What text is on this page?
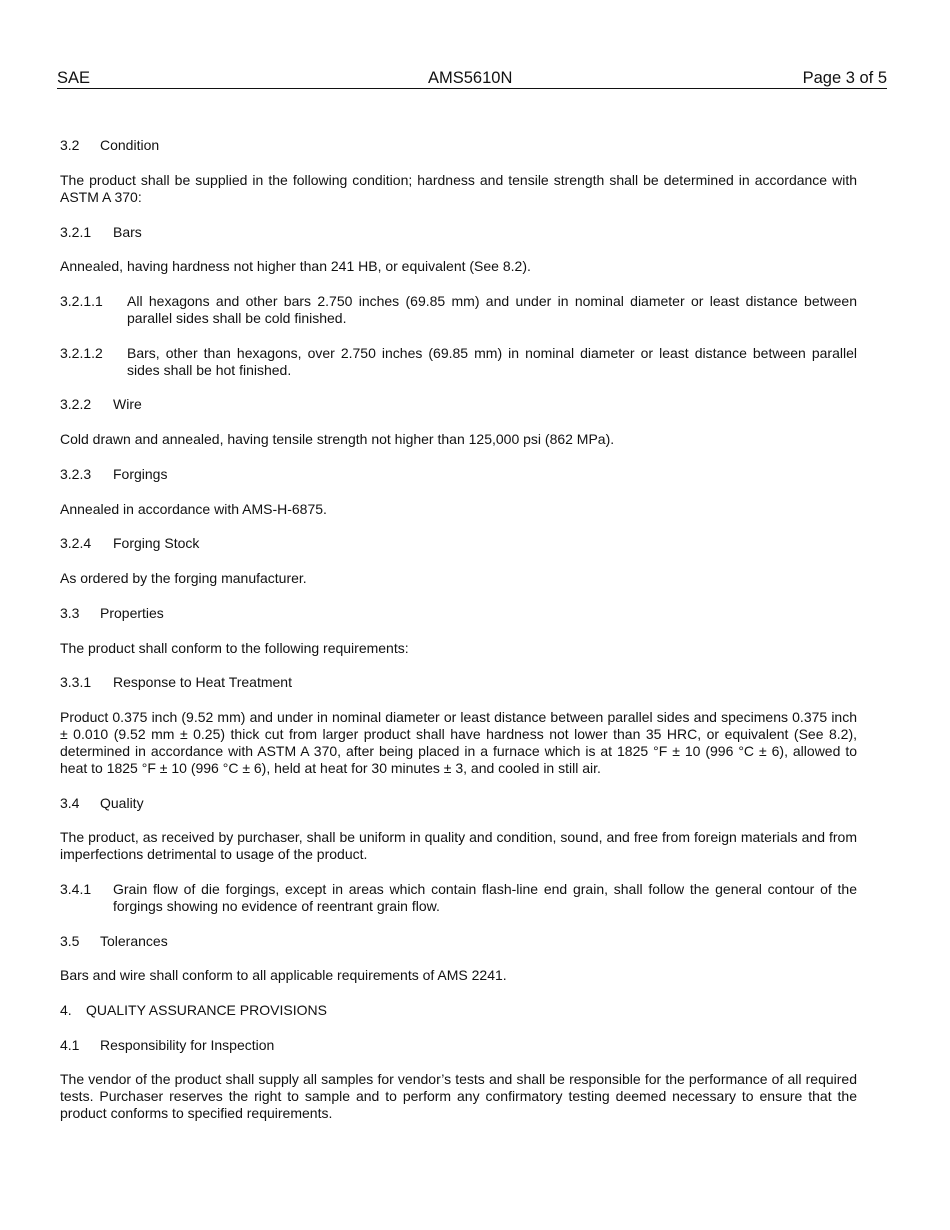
SAE	AMS5610N	Page 3 of 5
3.2 Condition
The product shall be supplied in the following condition; hardness and tensile strength shall be determined in accordance with ASTM A 370:
3.2.1 Bars
Annealed, having hardness not higher than 241 HB, or equivalent (See 8.2).
3.2.1.1 All hexagons and other bars 2.750 inches (69.85 mm) and under in nominal diameter or least distance between parallel sides shall be cold finished.
3.2.1.2 Bars, other than hexagons, over 2.750 inches (69.85 mm) in nominal diameter or least distance between parallel sides shall be hot finished.
3.2.2 Wire
Cold drawn and annealed, having tensile strength not higher than 125,000 psi (862 MPa).
3.2.3 Forgings
Annealed in accordance with AMS-H-6875.
3.2.4 Forging Stock
As ordered by the forging manufacturer.
3.3 Properties
The product shall conform to the following requirements:
3.3.1 Response to Heat Treatment
Product 0.375 inch (9.52 mm) and under in nominal diameter or least distance between parallel sides and specimens 0.375 inch ± 0.010 (9.52 mm ± 0.25) thick cut from larger product shall have hardness not lower than 35 HRC, or equivalent (See 8.2), determined in accordance with ASTM A 370, after being placed in a furnace which is at 1825 °F ± 10 (996 °C ± 6), allowed to heat to 1825 °F ± 10 (996 °C ± 6), held at heat for 30 minutes ± 3, and cooled in still air.
3.4 Quality
The product, as received by purchaser, shall be uniform in quality and condition, sound, and free from foreign materials and from imperfections detrimental to usage of the product.
3.4.1 Grain flow of die forgings, except in areas which contain flash-line end grain, shall follow the general contour of the forgings showing no evidence of reentrant grain flow.
3.5 Tolerances
Bars and wire shall conform to all applicable requirements of AMS 2241.
4. QUALITY ASSURANCE PROVISIONS
4.1 Responsibility for Inspection
The vendor of the product shall supply all samples for vendor’s tests and shall be responsible for the performance of all required tests. Purchaser reserves the right to sample and to perform any confirmatory testing deemed necessary to ensure that the product conforms to specified requirements.
